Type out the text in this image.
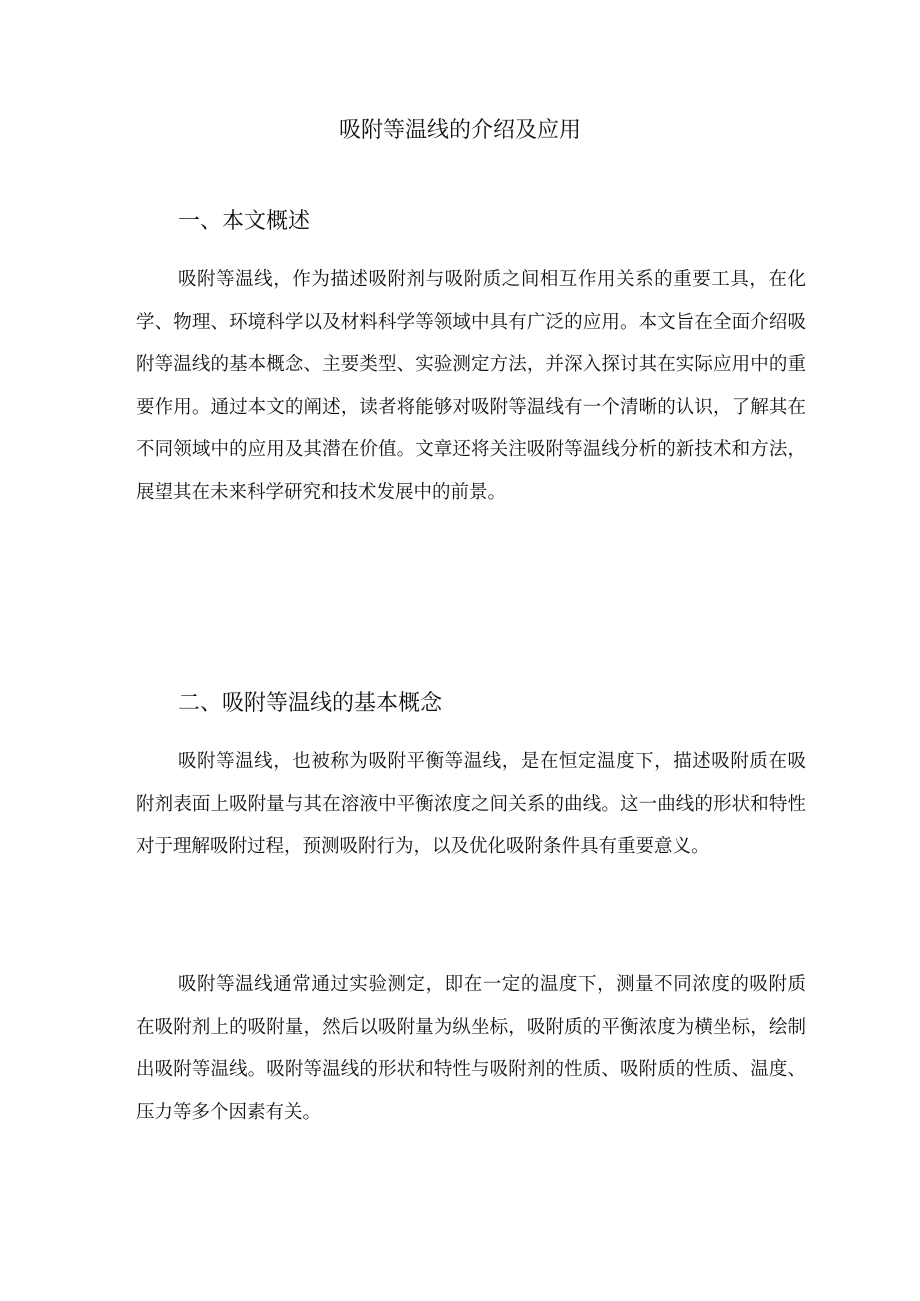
吸附等温线的介绍及应用
一、本文概述

吸附等温线，作为描述吸附剂与吸附质之间相互作用关系的重要工具，在化学、物理、环境科学以及材料科学等领域中具有广泛的应用。本文旨在全面介绍吸附等温线的基本概念、主要类型、实验测定方法，并深入探讨其在实际应用中的重要作用。通过本文的阐述，读者将能够对吸附等温线有一个清晰的认识，了解其在不同领域中的应用及其潜在价值。文章还将关注吸附等温线分析的新技术和方法，展望其在未来科学研究和技术发展中的前景。

二、吸附等温线的基本概念

吸附等温线，也被称为吸附平衡等温线，是在恒定温度下，描述吸附质在吸附剂表面上吸附量与其在溶液中平衡浓度之间关系的曲线。这一曲线的形状和特性对于理解吸附过程，预测吸附行为，以及优化吸附条件具有重要意义。

吸附等温线通常通过实验测定，即在一定的温度下，测量不同浓度的吸附质在吸附剂上的吸附量，然后以吸附量为纵坐标，吸附质的平衡浓度为横坐标，绘制出吸附等温线。吸附等温线的形状和特性与吸附剂的性质、吸附质的性质、温度、压力等多个因素有关。
